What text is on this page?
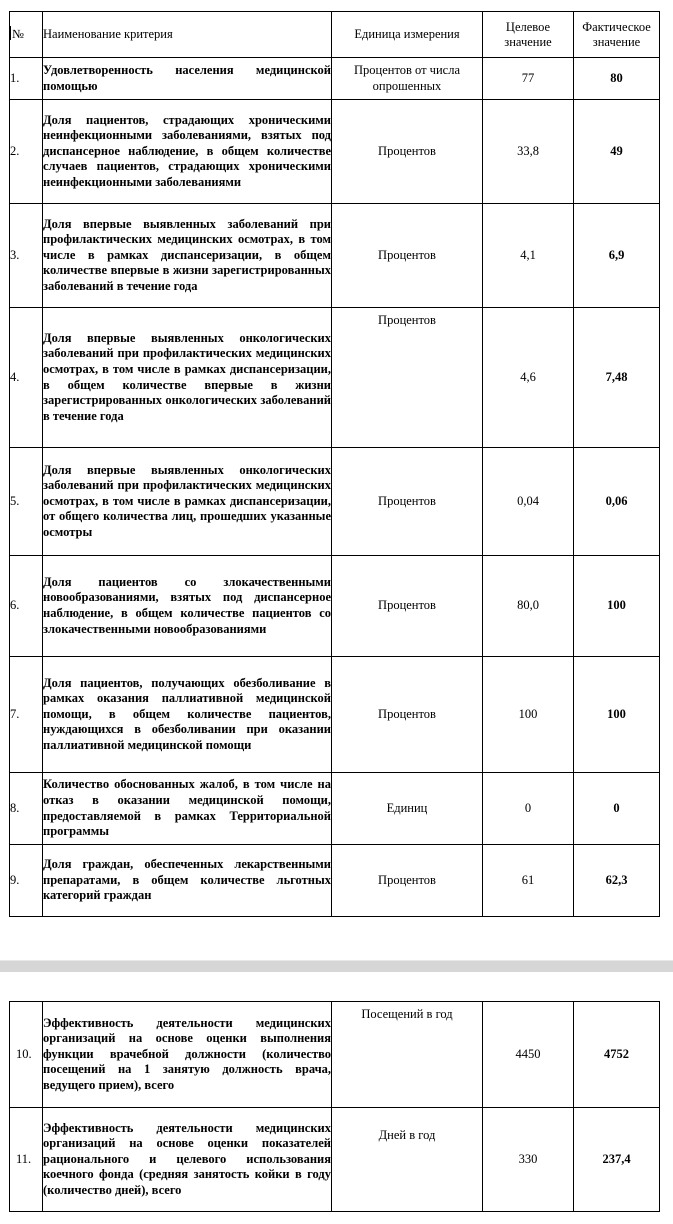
№	Наименование критерия	Единица измерения	Целевое значение	Фактическое значение
1.	Удовлетворенность населения медицинской помощью	Процентов от числа опрошенных	77	80
2.	Доля пациентов, страдающих хроническими неинфекционными заболеваниями, взятых под диспансерное наблюдение, в общем количестве случаев пациентов, страдающих хроническими неинфекционными заболеваниями	Процентов	33,8	49
3.	Доля впервые выявленных заболеваний при профилактических медицинских осмотрах, в том числе в рамках диспансеризации, в общем количестве впервые в жизни зарегистрированных заболеваний в течение года	Процентов	4,1	6,9
4.	Доля впервые выявленных онкологических заболеваний при профилактических медицинских осмотрах, в том числе в рамках диспансеризации, в общем количестве впервые в жизни зарегистрированных онкологических заболеваний в течение года	Процентов	4,6	7,48
5.	Доля впервые выявленных онкологических заболеваний при профилактических медицинских осмотрах, в том числе в рамках диспансеризации, от общего количества лиц, прошедших указанные осмотры	Процентов	0,04	0,06
6.	Доля пациентов со злокачественными новообразованиями, взятых под диспансерное наблюдение, в общем количестве пациентов со злокачественными новообразованиями	Процентов	80,0	100
7.	Доля пациентов, получающих обезболивание в рамках оказания паллиативной медицинской помощи, в общем количестве пациентов, нуждающихся в обезболивании при оказании паллиативной медицинской помощи	Процентов	100	100
8.	Количество обоснованных жалоб, в том числе на отказ в оказании медицинской помощи, предоставляемой в рамках Территориальной программы	Единиц	0	0
9.	Доля граждан, обеспеченных лекарственными препаратами, в общем количестве льготных категорий граждан	Процентов	61	62,3
10.	Эффективность деятельности медицинских организаций на основе оценки выполнения функции врачебной должности (количество посещений на 1 занятую должность врача, ведущего прием), всего	Посещений в год	4450	4752
11.	Эффективность деятельности медицинских организаций на основе оценки показателей рационального и целевого использования коечного фонда (средняя занятость койки в году (количество дней), всего	Дней в год	330	237,4
